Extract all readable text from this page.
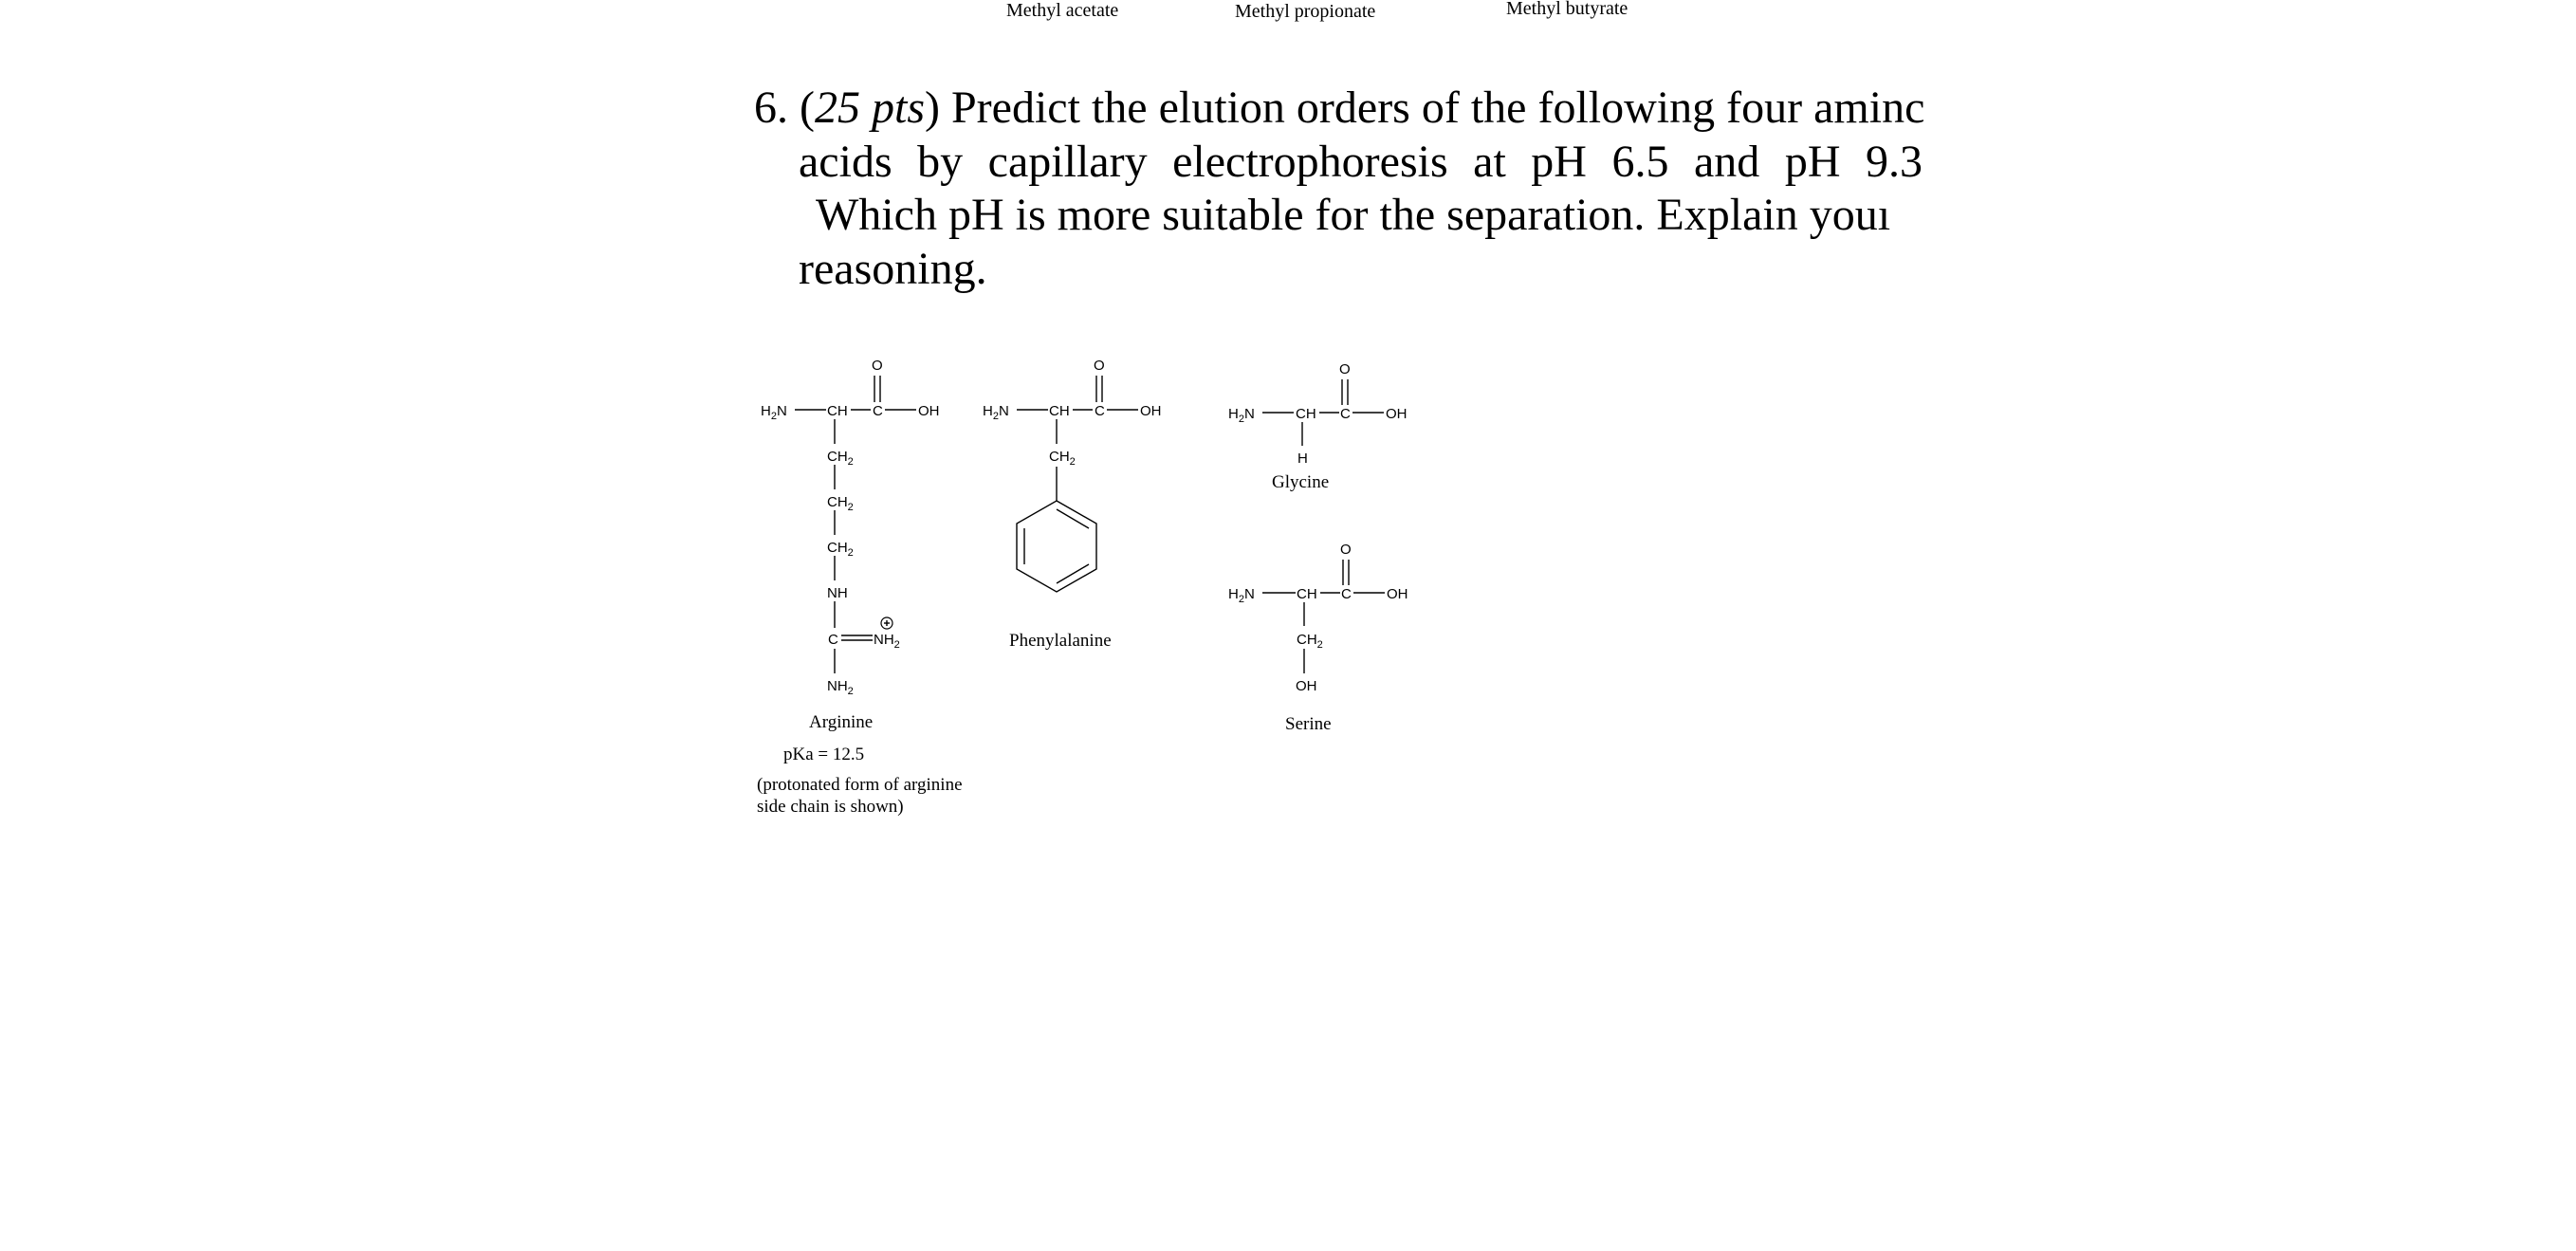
Methyl acetate	Methyl propionate	Methyl butyrate
6. (25 pts) Predict the elution orders of the following four aminc
acids by capillary electrophoresis at pH 6.5 and pH 9.3
Which pH is more suitable for the separation. Explain youı
reasoning.
$H_2N$	CH C OH
O
$CH_2$
$CH_2$
$CH_2$
NH
C $NH_2$
$NH_2$
$H_2N$	CH C OH
O
$CH_2$
$H_2N$	CH C OH
O
H
$H_2N$	CH C OH
O
$CH_2$
OH
Arginine
pKa = 12.5
(protonated form of arginine
side chain is shown)
Phenylalanine
Glycine
Serine
